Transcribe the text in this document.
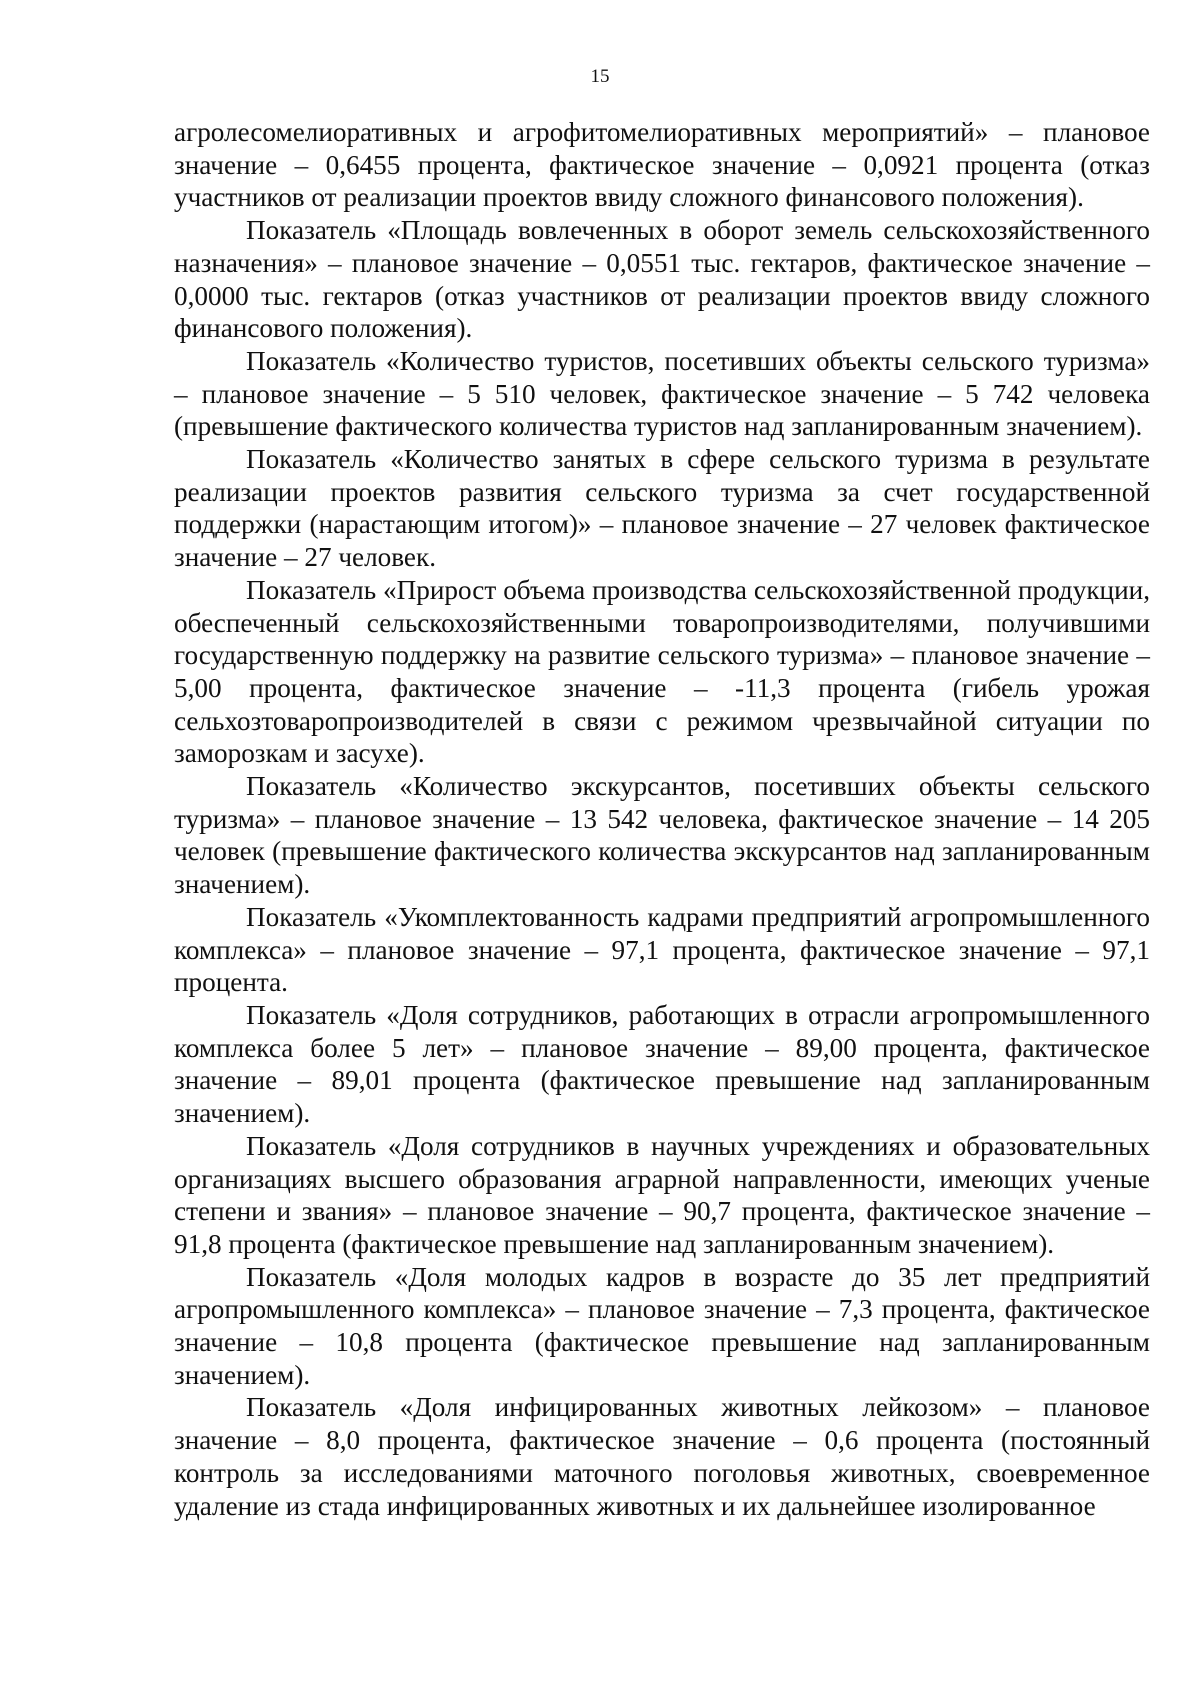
15

агролесомелиоративных и агрофитомелиоративных мероприятий» – плановое значение – 0,6455 процента, фактическое значение – 0,0921 процента (отказ участников от реализации проектов ввиду сложного финансового положения).

Показатель «Площадь вовлеченных в оборот земель сельскохозяйственного назначения» – плановое значение – 0,0551 тыс. гектаров, фактическое значение – 0,0000 тыс. гектаров (отказ участников от реализации проектов ввиду сложного финансового положения).

Показатель «Количество туристов, посетивших объекты сельского туризма» – плановое значение – 5 510 человек, фактическое значение – 5 742 человека (превышение фактического количества туристов над запланированным значением).

Показатель «Количество занятых в сфере сельского туризма в результате реализации проектов развития сельского туризма за счет государственной поддержки (нарастающим итогом)» – плановое значение – 27 человек фактическое значение – 27 человек.

Показатель «Прирост объема производства сельскохозяйственной продукции, обеспеченный сельскохозяйственными товаропроизводителями, получившими государственную поддержку на развитие сельского туризма» – плановое значение – 5,00 процента, фактическое значение – -11,3 процента (гибель урожая сельхозтоваропроизводителей в связи с режимом чрезвычайной ситуации по заморозкам и засухе).

Показатель «Количество экскурсантов, посетивших объекты сельского туризма» – плановое значение – 13 542 человека, фактическое значение – 14 205 человек (превышение фактического количества экскурсантов над запланированным значением).

Показатель «Укомплектованность кадрами предприятий агропромышленного комплекса» – плановое значение – 97,1 процента, фактическое значение – 97,1 процента.

Показатель «Доля сотрудников, работающих в отрасли агропромышленного комплекса более 5 лет» – плановое значение – 89,00 процента, фактическое значение – 89,01 процента (фактическое превышение над запланированным значением).

Показатель «Доля сотрудников в научных учреждениях и образовательных организациях высшего образования аграрной направленности, имеющих ученые степени и звания» – плановое значение – 90,7 процента, фактическое значение – 91,8 процента (фактическое превышение над запланированным значением).

Показатель «Доля молодых кадров в возрасте до 35 лет предприятий агропромышленного комплекса» – плановое значение – 7,3 процента, фактическое значение – 10,8 процента (фактическое превышение над запланированным значением).

Показатель «Доля инфицированных животных лейкозом» – плановое значение – 8,0 процента, фактическое значение – 0,6 процента (постоянный контроль за исследованиями маточного поголовья животных, своевременное удаление из стада инфицированных животных и их дальнейшее изолированное
